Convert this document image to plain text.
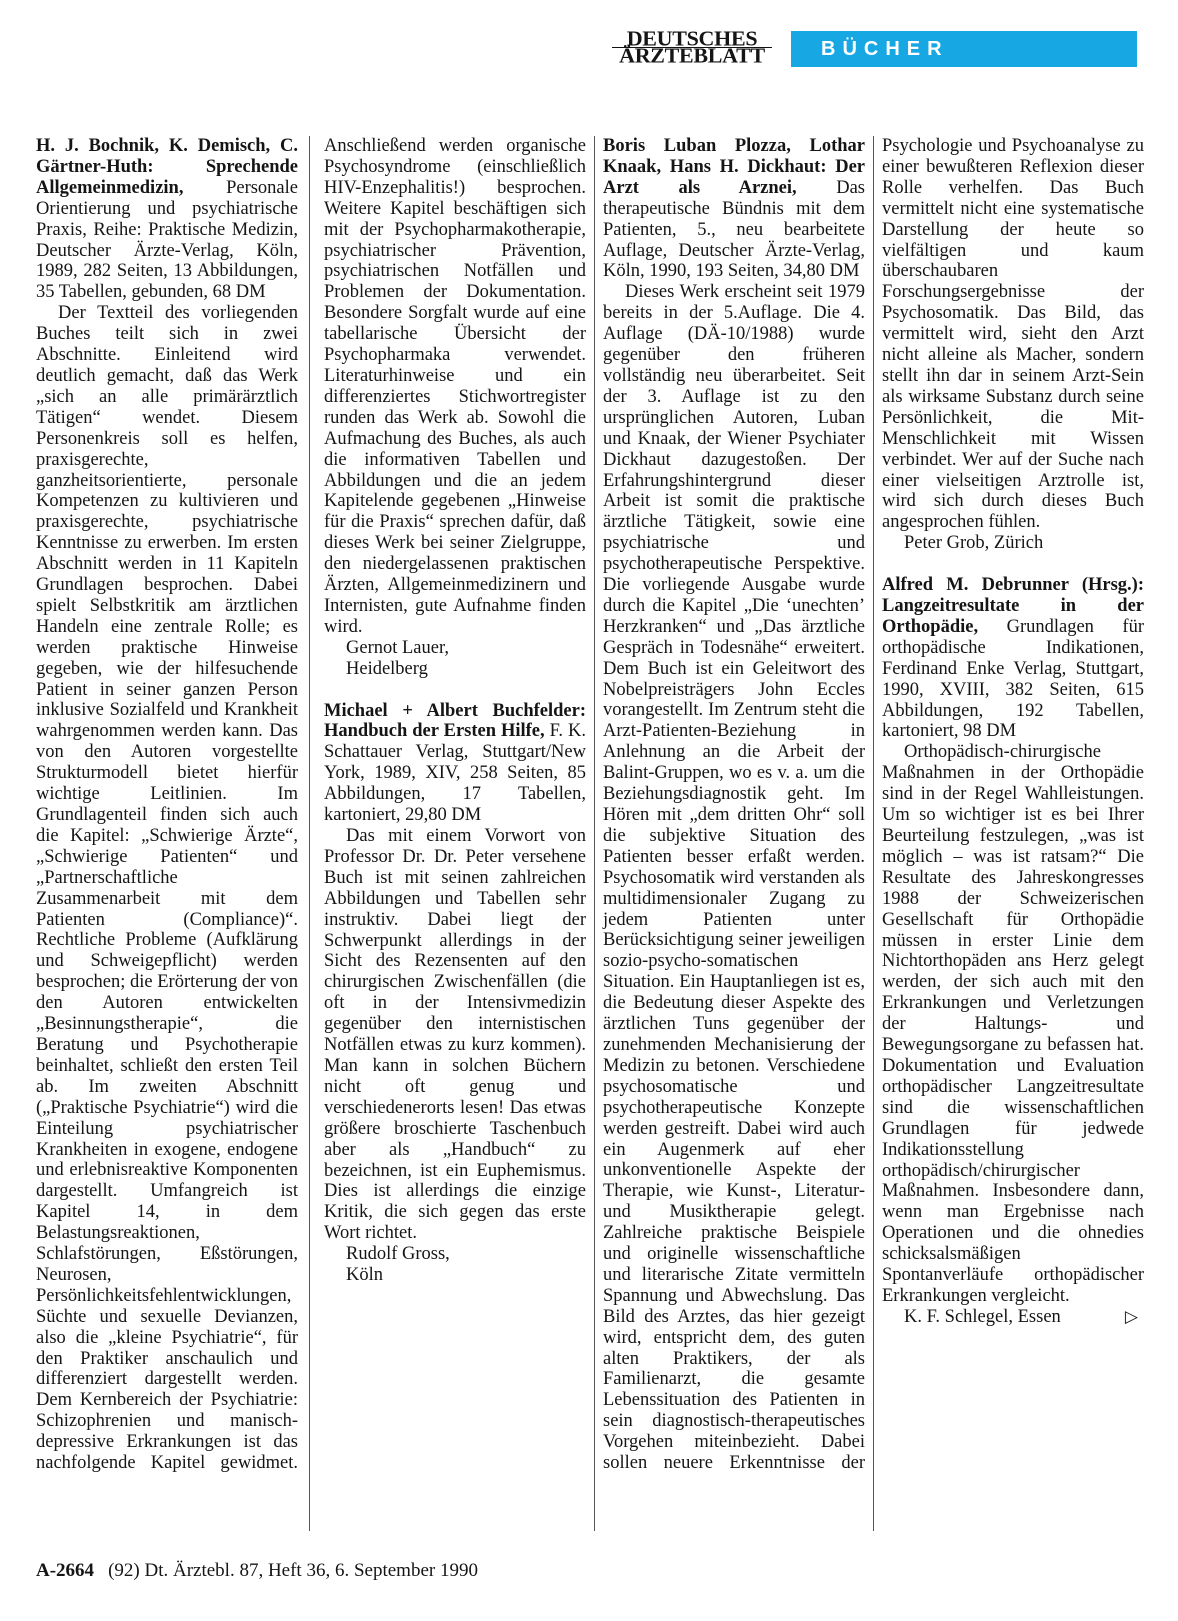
DEUTSCHES
ÄRZTEBLATT	BÜCHER

H. J. Bochnik, K. Demisch, C. Gärtner-Huth: Sprechende Allgemeinmedizin, Personale Orientierung und psychiatrische Praxis, Reihe: Praktische Medizin, Deutscher Ärzte-Verlag, Köln, 1989, 282 Seiten, 13 Abbildungen, 35 Tabellen, gebunden, 68 DM

Der Textteil des vorliegenden Buches teilt sich in zwei Abschnitte. Einleitend wird deutlich gemacht, daß das Werk „sich an alle primärärztlich Tätigen“ wendet. Diesem Personenkreis soll es helfen, praxisgerechte, ganzheitsorientierte, personale Kompetenzen zu kultivieren und praxisgerechte, psychiatrische Kenntnisse zu erwerben. Im ersten Abschnitt werden in 11 Kapiteln Grundlagen besprochen. Dabei spielt Selbstkritik am ärztlichen Handeln eine zentrale Rolle; es werden praktische Hinweise gegeben, wie der hilfesuchende Patient in seiner ganzen Person inklusive Sozialfeld und Krankheit wahrgenommen werden kann. Das von den Autoren vorgestellte Strukturmodell bietet hierfür wichtige Leitlinien. Im Grundlagenteil finden sich auch die Kapitel: „Schwierige Ärzte“, „Schwierige Patienten“ und „Partnerschaftliche Zusammenarbeit mit dem Patienten (Compliance)“. Rechtliche Probleme (Aufklärung und Schweigepflicht) werden besprochen; die Erörterung der von den Autoren entwickelten „Besinnungstherapie“, die Beratung und Psychotherapie beinhaltet, schließt den ersten Teil ab. Im zweiten Abschnitt („Praktische Psychiatrie“) wird die Einteilung psychiatrischer Krankheiten in exogene, endogene und erlebnisreaktive Komponenten dargestellt. Umfangreich ist Kapitel 14, in dem Belastungsreaktionen, Schlafstörungen, Eßstörungen, Neurosen, Persönlichkeitsfehlentwicklungen, Süchte und sexuelle Devianzen, also die „kleine Psychiatrie“, für den Praktiker anschaulich und differenziert dargestellt werden. Dem Kernbereich der Psychiatrie: Schizophrenien und manisch-depressive Erkrankungen ist das nachfolgende Kapitel gewidmet. Anschließend werden organische Psychosyndrome (einschließlich HIV-Enzephalitis!) besprochen. Weitere Kapitel beschäftigen sich mit der Psychopharmakotherapie, psychiatrischer Prävention, psychiatrischen Notfällen und Problemen der Dokumentation. Besondere Sorgfalt wurde auf eine tabellarische Übersicht der Psychopharmaka verwendet. Literaturhinweise und ein differenziertes Stichwortregister runden das Werk ab. Sowohl die Aufmachung des Buches, als auch die informativen Tabellen und Abbildungen und die an jedem Kapitelende gegebenen „Hinweise für die Praxis“ sprechen dafür, daß dieses Werk bei seiner Zielgruppe, den niedergelassenen praktischen Ärzten, Allgemeinmedizinern und Internisten, gute Aufnahme finden wird.

Gernot Lauer,

Heidelberg

Michael + Albert Buchfelder: Handbuch der Ersten Hilfe, F. K. Schattauer Verlag, Stuttgart/New York, 1989, XIV, 258 Seiten, 85 Abbildungen, 17 Tabellen, kartoniert, 29,80 DM

Das mit einem Vorwort von Professor Dr. Dr. Peter versehene Buch ist mit seinen zahlreichen Abbildungen und Tabellen sehr instruktiv. Dabei liegt der Schwerpunkt allerdings in der Sicht des Rezensenten auf den chirurgischen Zwischenfällen (die oft in der Intensivmedizin gegenüber den internistischen Notfällen etwas zu kurz kommen). Man kann in solchen Büchern nicht oft genug und verschiedenerorts lesen! Das etwas größere broschierte Taschenbuch aber als „Handbuch“ zu bezeichnen, ist ein Euphemismus. Dies ist allerdings die einzige Kritik, die sich gegen das erste Wort richtet.

Rudolf Gross,

Köln

Boris Luban Plozza, Lothar Knaak, Hans H. Dickhaut: Der Arzt als Arznei, Das therapeutische Bündnis mit dem Patienten, 5., neu bearbeitete Auflage, Deutscher Ärzte-Verlag, Köln, 1990, 193 Seiten, 34,80 DM

Dieses Werk erscheint seit 1979 bereits in der 5.Auflage. Die 4. Auflage (DÄ-10/1988) wurde gegenüber den früheren vollständig neu überarbeitet. Seit der 3. Auflage ist zu den ursprünglichen Autoren, Luban und Knaak, der Wiener Psychiater Dickhaut dazugestoßen. Der Erfahrungshintergrund dieser Arbeit ist somit die praktische ärztliche Tätigkeit, sowie eine psychiatrische und psychotherapeutische Perspektive. Die vorliegende Ausgabe wurde durch die Kapitel „Die ‘unechten’ Herzkranken“ und „Das ärztliche Gespräch in Todesnähe“ erweitert. Dem Buch ist ein Geleitwort des Nobelpreisträgers John Eccles vorangestellt. Im Zentrum steht die Arzt-Patienten-Beziehung in Anlehnung an die Arbeit der Balint-Gruppen, wo es v. a. um die Beziehungsdiagnostik geht. Im Hören mit „dem dritten Ohr“ soll die subjektive Situation des Patienten besser erfaßt werden. Psychosomatik wird verstanden als multidimensionaler Zugang zu jedem Patienten unter Berücksichtigung seiner jeweiligen sozio-psycho-somatischen Situation. Ein Hauptanliegen ist es, die Bedeutung dieser Aspekte des ärztlichen Tuns gegenüber der zunehmenden Mechanisierung der Medizin zu betonen. Verschiedene psychosomatische und psychotherapeutische Konzepte werden gestreift. Dabei wird auch ein Augenmerk auf eher unkonventionelle Aspekte der Therapie, wie Kunst-, Literatur- und Musiktherapie gelegt. Zahlreiche praktische Beispiele und originelle wissenschaftliche und literarische Zitate vermitteln Spannung und Abwechslung. Das Bild des Arztes, das hier gezeigt wird, entspricht dem, des guten alten Praktikers, der als Familienarzt, die gesamte Lebenssituation des Patienten in sein diagnostisch-therapeutisches Vorgehen miteinbezieht. Dabei sollen neuere Erkenntnisse der Psychologie und Psychoanalyse zu einer bewußteren Reflexion dieser Rolle verhelfen. Das Buch vermittelt nicht eine systematische Darstellung der heute so vielfältigen und kaum überschaubaren Forschungsergebnisse der Psychosomatik. Das Bild, das vermittelt wird, sieht den Arzt nicht alleine als Macher, sondern stellt ihn dar in seinem Arzt-Sein als wirksame Substanz durch seine Persönlichkeit, die Mit-Menschlichkeit mit Wissen verbindet. Wer auf der Suche nach einer vielseitigen Arztrolle ist, wird sich durch dieses Buch angesprochen fühlen.

Peter Grob, Zürich

Alfred M. Debrunner (Hrsg.): Langzeitresultate in der Orthopädie, Grundlagen für orthopädische Indikationen, Ferdinand Enke Verlag, Stuttgart, 1990, XVIII, 382 Seiten, 615 Abbildungen, 192 Tabellen, kartoniert, 98 DM

Orthopädisch-chirurgische Maßnahmen in der Orthopädie sind in der Regel Wahlleistungen. Um so wichtiger ist es bei Ihrer Beurteilung festzulegen, „was ist möglich – was ist ratsam?“ Die Resultate des Jahreskongresses 1988 der Schweizerischen Gesellschaft für Orthopädie müssen in erster Linie dem Nichtorthopäden ans Herz gelegt werden, der sich auch mit den Erkrankungen und Verletzungen der Haltungs- und Bewegungsorgane zu befassen hat. Dokumentation und Evaluation orthopädischer Langzeitresultate sind die wissenschaftlichen Grundlagen für jedwede Indikationsstellung orthopädisch/chirurgischer Maßnahmen. Insbesondere dann, wenn man Ergebnisse nach Operationen und die ohnedies schicksalsmäßigen Spontanverläufe orthopädischer Erkrankungen vergleicht.

K. F. Schlegel, Essen	▷

A-2664 (92) Dt. Ärztebl. 87, Heft 36, 6. September 1990
